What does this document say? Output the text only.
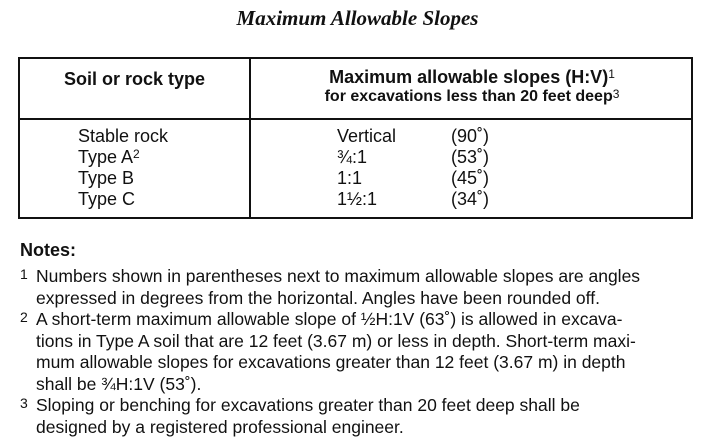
Maximum Allowable Slopes
Soil or rock type	Maximum allowable slopes (H:V)$^1$
for excavations less than 20 feet deep$^3$
Stable rock	Vertical	(90˚)
Type $A^2$	¾:1	(53˚)
Type B	1:1	(45˚)
Type C	1½:1	(34˚)
Notes:
1 Numbers shown in parentheses next to maximum allowable slopes are angles
expressed in degrees from the horizontal. Angles have been rounded off.
2 A short-term maximum allowable slope of ½H:1V (63˚) is allowed in excava-
tions in Type A soil that are 12 feet (3.67 m) or less in depth. Short-term maxi-
mum allowable slopes for excavations greater than 12 feet (3.67 m) in depth
shall be ¾H:1V (53˚).
3 Sloping or benching for excavations greater than 20 feet deep shall be
designed by a registered professional engineer.
